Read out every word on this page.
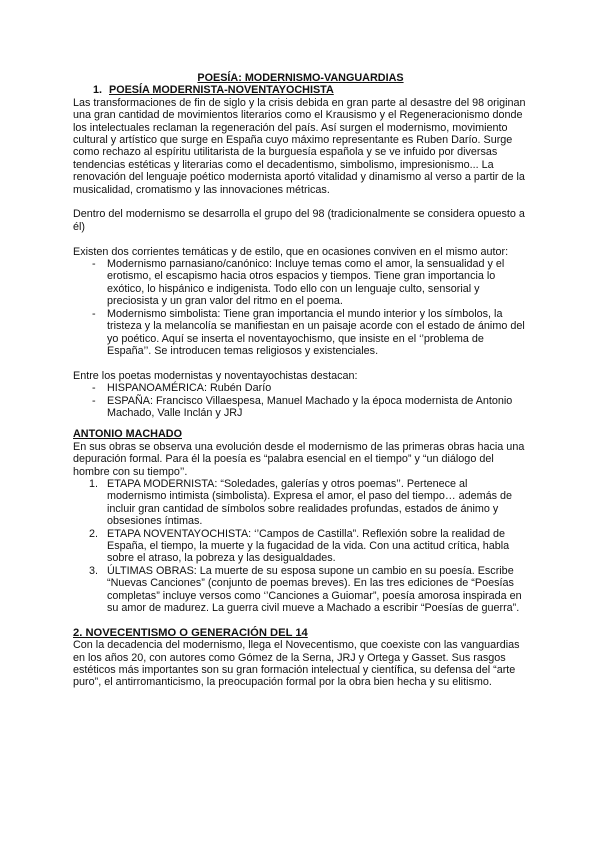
POESÍA: MODERNISMO-VANGUARDIAS

1. POESÍA MODERNISTA-NOVENTAYOCHISTA

Las transformaciones de fin de siglo y la crisis debida en gran parte al desastre del 98 originan una gran cantidad de movimientos literarios como el Krausismo y el Regeneracionismo donde los intelectuales reclaman la regeneración del país. Así surgen el modernismo, movimiento cultural y artístico que surge en España cuyo máximo representante es Ruben Darío. Surge como rechazo al espíritu utilitarista de la burguesía española y se ve infuido por diversas tendencias estéticas y literarias como el decadentismo, simbolismo, impresionismo... La renovación del lenguaje poético modernista aportó vitalidad y dinamismo al verso a partir de la musicalidad, cromatismo y las innovaciones métricas.

Dentro del modernismo se desarrolla el grupo del 98 (tradicionalmente se considera opuesto a él)

Existen dos corrientes temáticas y de estilo, que en ocasiones conviven en el mismo autor:

- Modernismo parnasiano/canónico: Incluye temas como el amor, la sensualidad y el erotismo, el escapismo hacia otros espacios y tiempos. Tiene gran importancia lo exótico, lo hispánico e indigenista. Todo ello con un lenguaje culto, sensorial y preciosista y un gran valor del ritmo en el poema.
- Modernismo simbolista: Tiene gran importancia el mundo interior y los símbolos, la tristeza y la melancolía se manifiestan en un paisaje acorde con el estado de ánimo del yo poético. Aquí se inserta el noventayochismo, que insiste en el ‘’problema de España’’. Se introducen temas religiosos y existenciales.

Entre los poetas modernistas y noventayochistas destacan:

- HISPANOAMÉRICA: Rubén Darío
- ESPAÑA: Francisco Villaespesa, Manuel Machado y la época modernista de Antonio Machado, Valle Inclán y JRJ

ANTONIO MACHADO

En sus obras se observa una evolución desde el modernismo de las primeras obras hacia una depuración formal. Para él la poesía es “palabra esencial en el tiempo” y “un diálogo del hombre con su tiempo’’.

1. ETAPA MODERNISTA: “Soledades, galerías y otros poemas’’. Pertenece al modernismo intimista (simbolista). Expresa el amor, el paso del tiempo… además de incluir gran cantidad de símbolos sobre realidades profundas, estados de ánimo y obsesiones íntimas.
2. ETAPA NOVENTAYOCHISTA: ‘’Campos de Castilla”. Reflexión sobre la realidad de España, el tiempo, la muerte y la fugacidad de la vida. Con una actitud crítica, habla sobre el atraso, la pobreza y las desigualdades.
3. ÚLTIMAS OBRAS: La muerte de su esposa supone un cambio en su poesía. Escribe “Nuevas Canciones” (conjunto de poemas breves). En las tres ediciones de “Poesías completas” incluye versos como ‘’Canciones a Guiomar”, poesía amorosa inspirada en su amor de madurez. La guerra civil mueve a Machado a escribir “Poesías de guerra”.

2. NOVECENTISMO O GENERACIÓN DEL 14

Con la decadencia del modernismo, llega el Novecentismo, que coexiste con las vanguardias en los años 20, con autores como Gómez de la Serna, JRJ y Ortega y Gasset. Sus rasgos estéticos más importantes son su gran formación intelectual y científica, su defensa del “arte puro”, el antirromanticismo, la preocupación formal por la obra bien hecha y su elitismo.
